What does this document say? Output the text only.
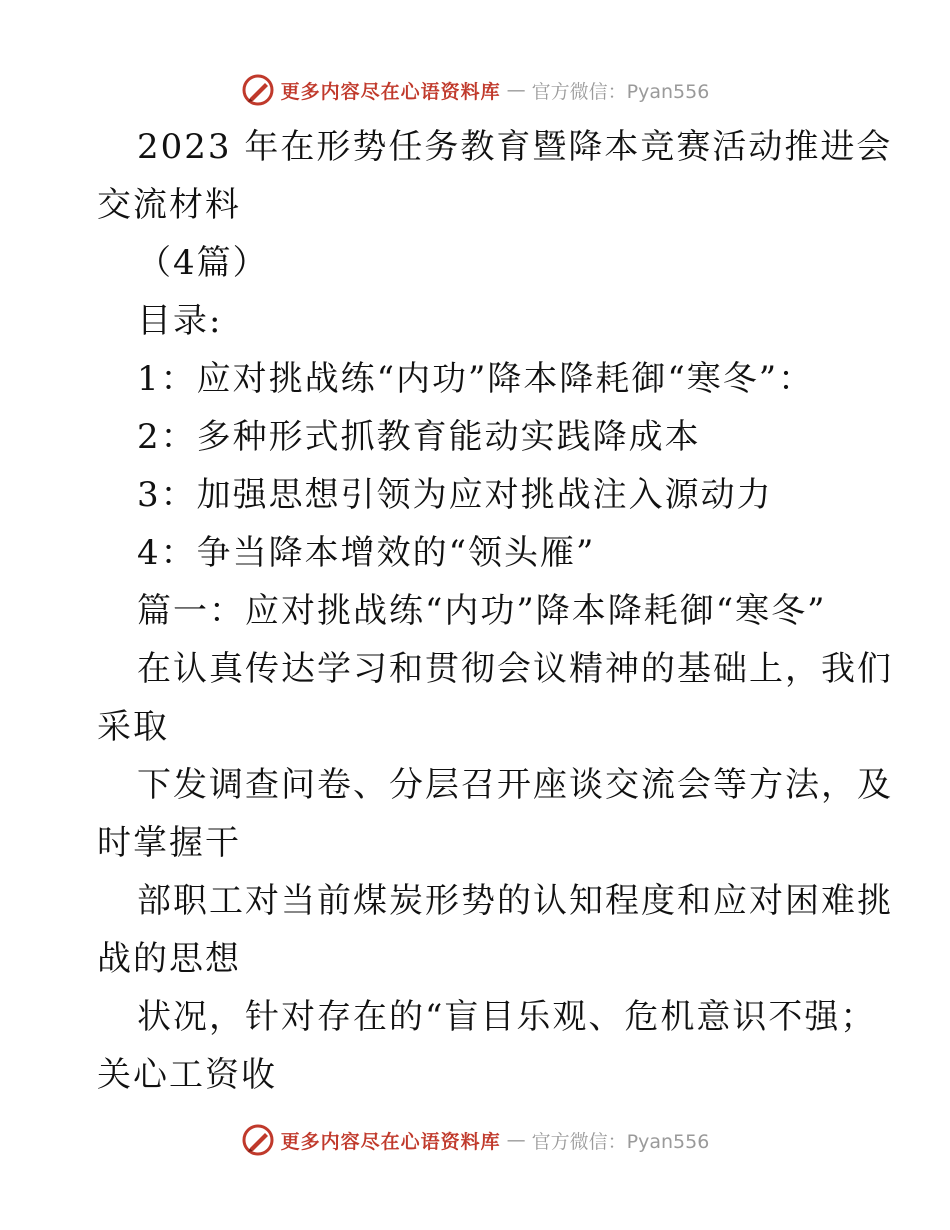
更多内容尽在心语资料库 — 官方微信：Pyan556
2023 年在形势任务教育暨降本竞赛活动推进会
交流材料
（4篇）
目录:
1：应对挑战练“内功”降本降耗御“寒冬”：
2：多种形式抓教育能动实践降成本
3：加强思想引领为应对挑战注入源动力
4：争当降本增效的“领头雁”
篇一：应对挑战练“内功”降本降耗御“寒冬”
在认真传达学习和贯彻会议精神的基础上，我们
采取
下发调查问卷、分层召开座谈交流会等方法，及
时掌握干
部职工对当前煤炭形势的认知程度和应对困难挑
战的思想
状况，针对存在的“盲目乐观、危机意识不强；
关心工资收
更多内容尽在心语资料库 — 官方微信：Pyan556
